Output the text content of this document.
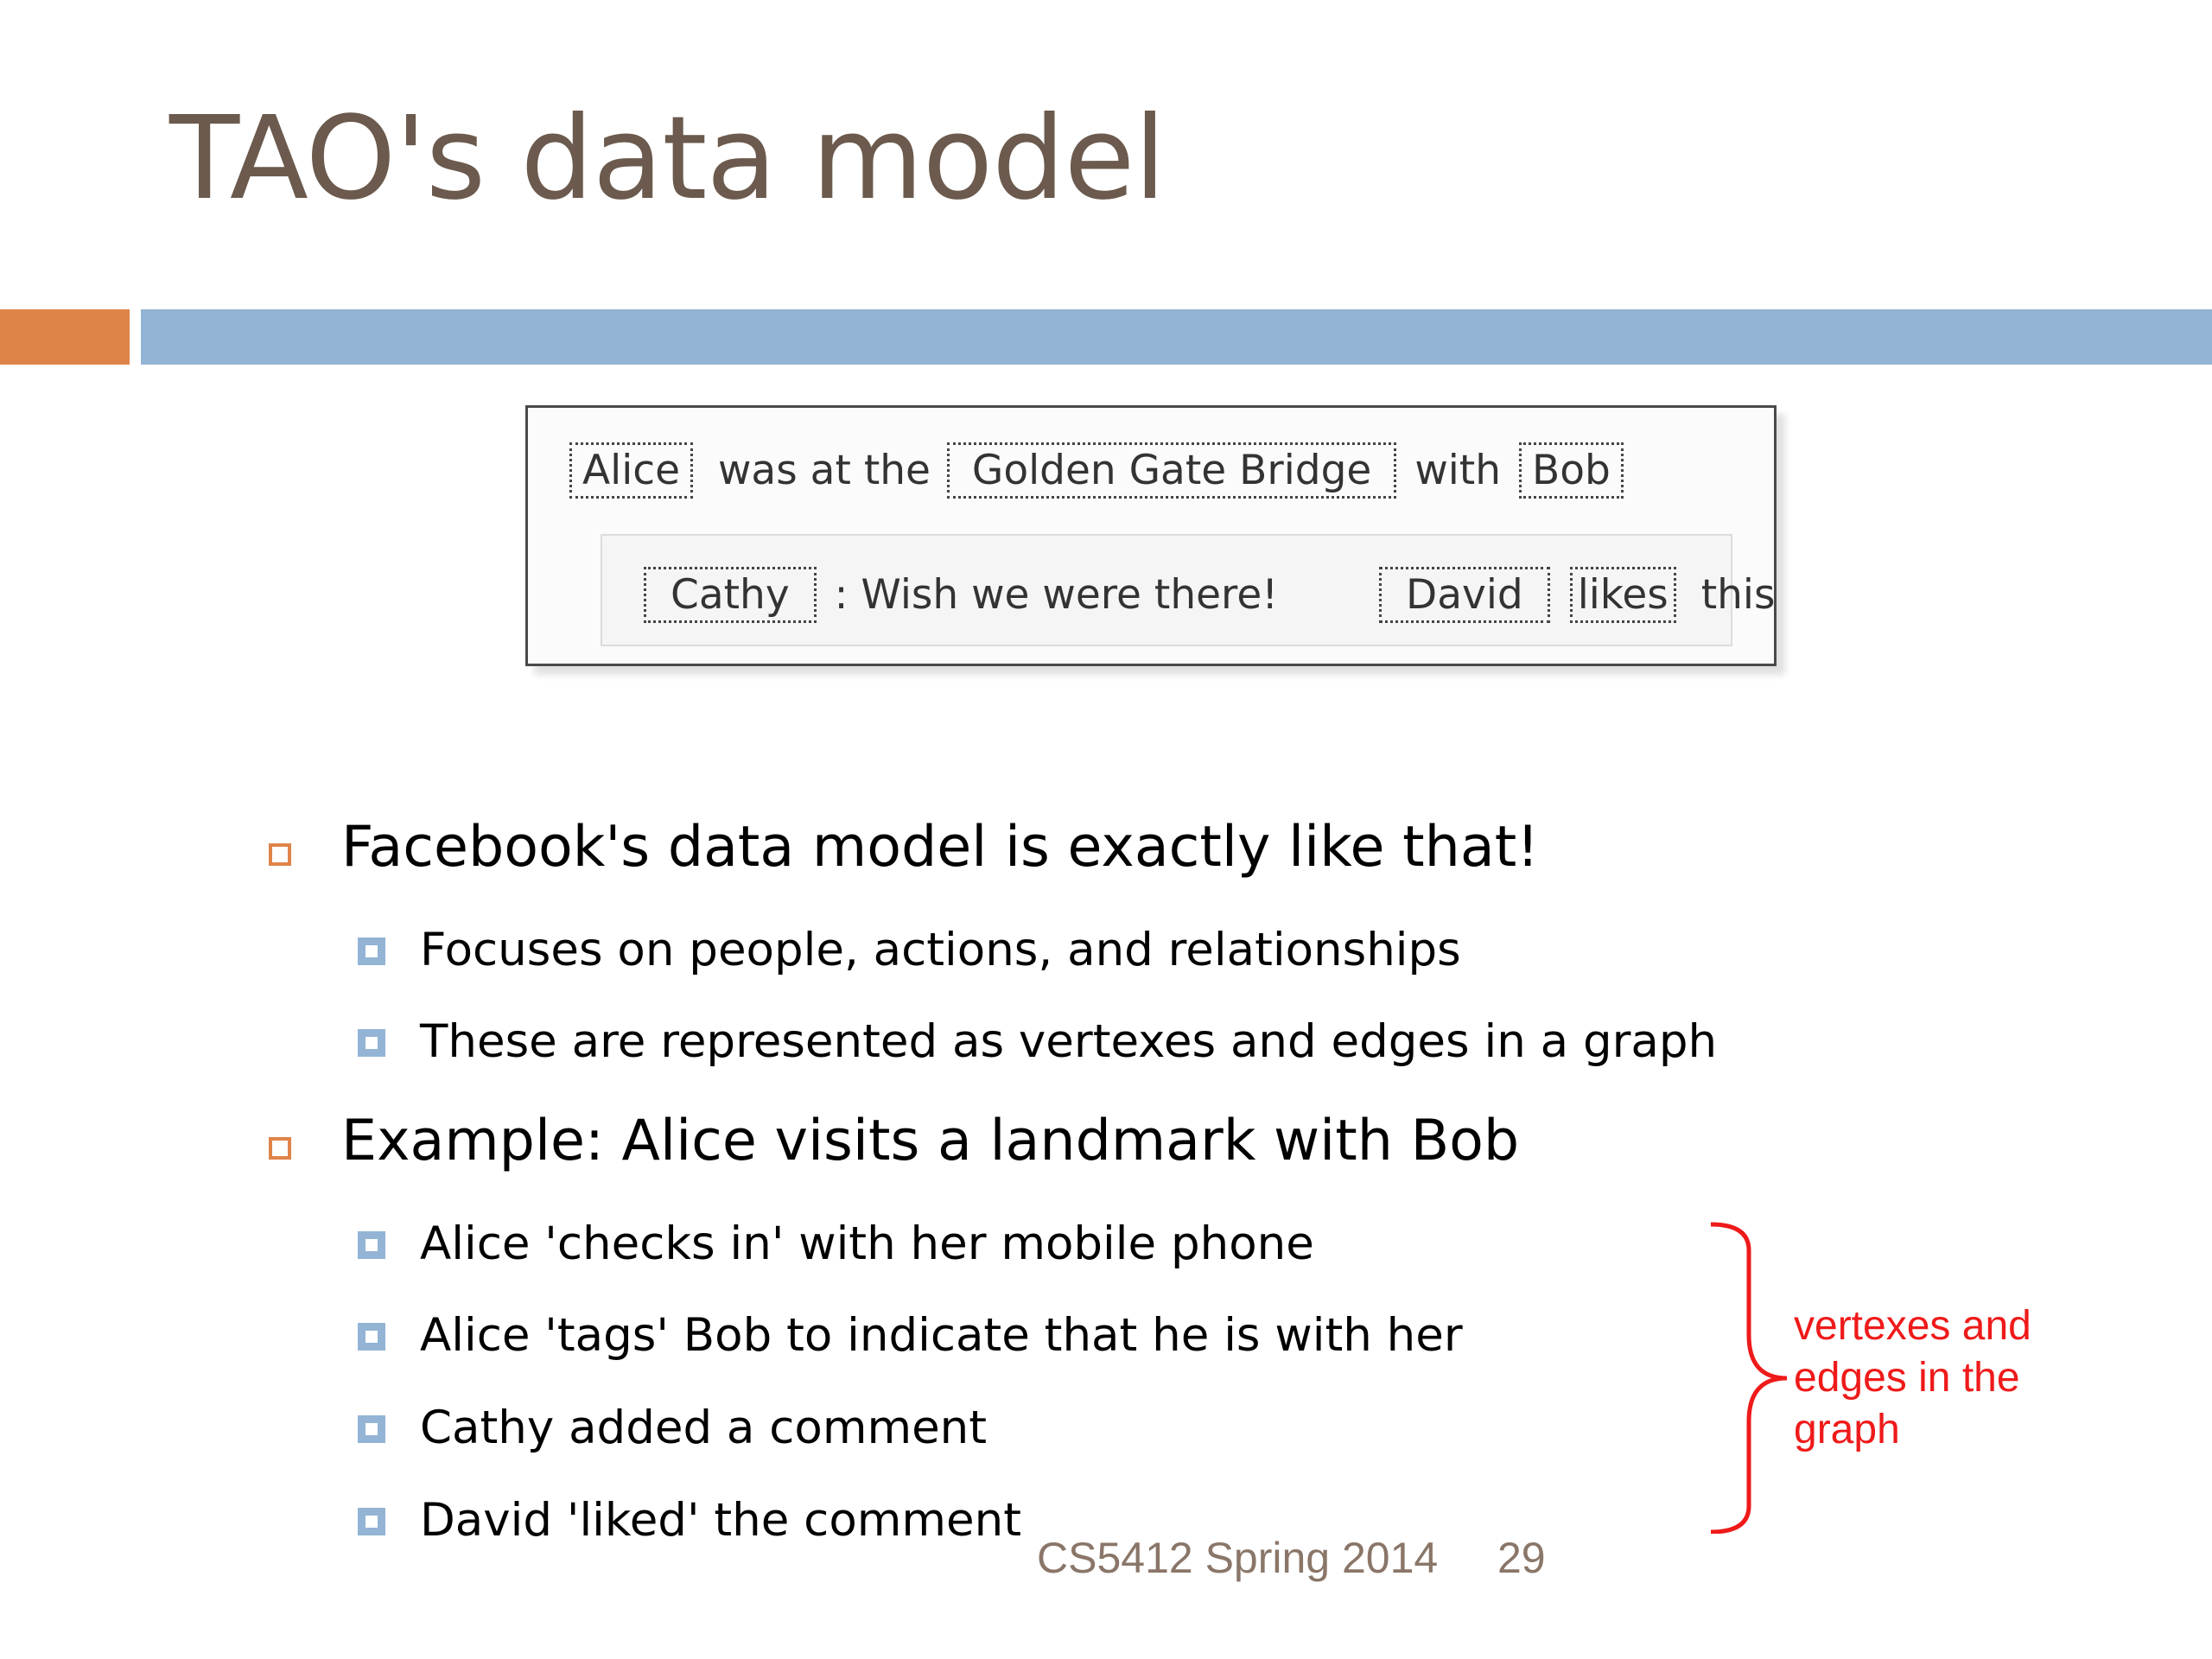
TAO's data model
Alice was at the Golden Gate Bridge with Bob
Cathy : Wish we were there!	David likes this
Facebook's data model is exactly like that!
Focuses on people, actions, and relationships
These are represented as vertexes and edges in a graph
Example: Alice visits a landmark with Bob
Alice 'checks in' with her mobile phone
Alice 'tags' Bob to indicate that he is with her
Cathy added a comment
David 'liked' the comment
vertexes and
edges in the
graph
CS5412 Spring 2014 29
